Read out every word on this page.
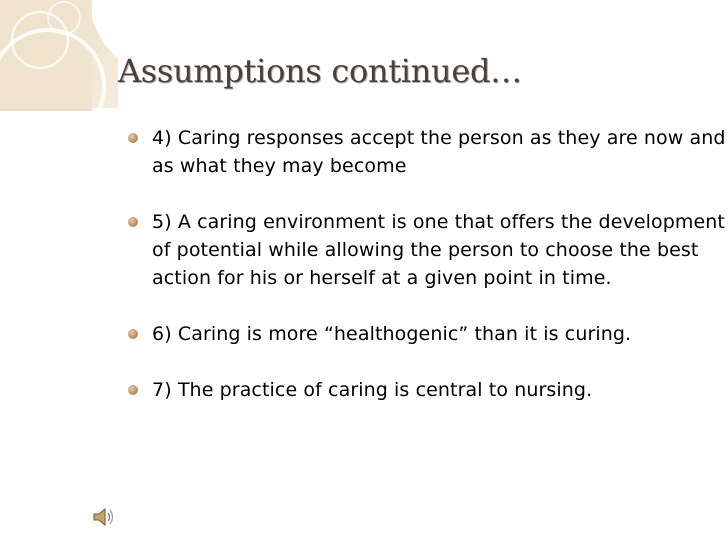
Assumptions continued…
4) Caring responses accept the person as they are now and as what they may become
5) A caring environment is one that offers the development of potential while allowing the person to choose the best action for his or herself at a given point in time.
6) Caring is more “healthogenic” than it is curing.
7) The practice of caring is central to nursing.
